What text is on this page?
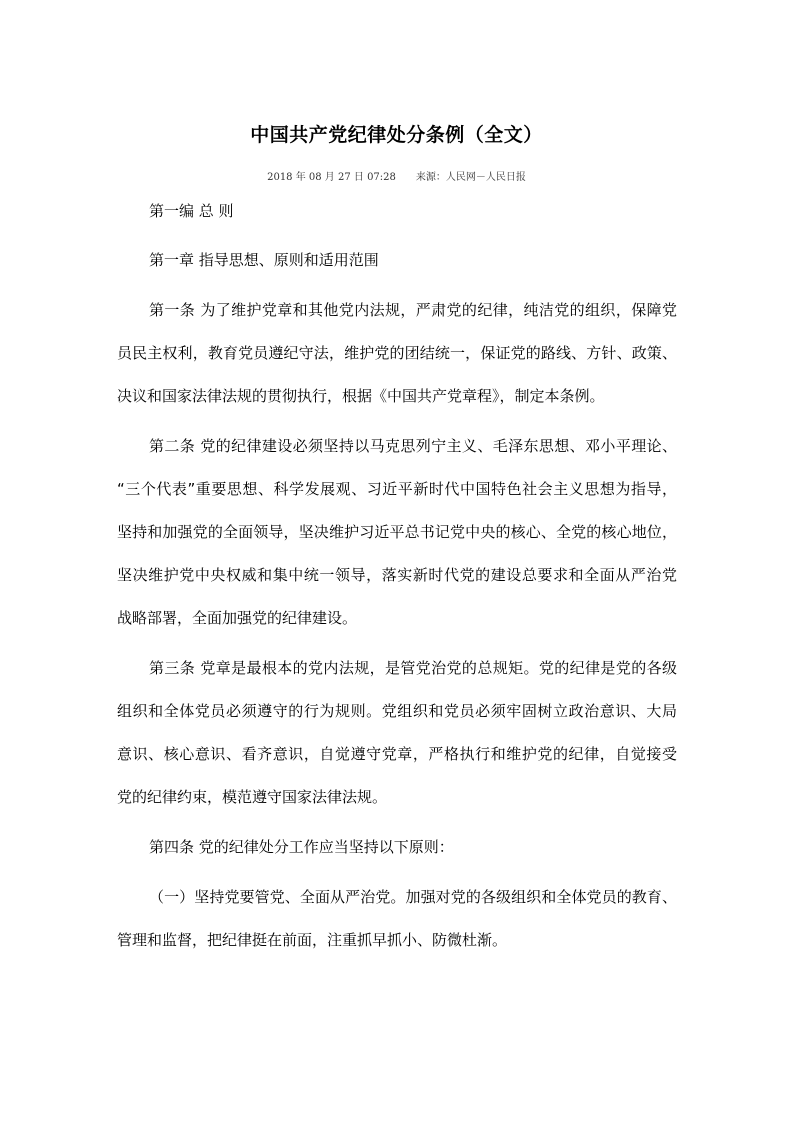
中国共产党纪律处分条例（全文）
2018 年 08 月 27 日 07:28 来源：人民网－人民日报
第一编 总 则
第一章 指导思想、原则和适用范围
第一条 为了维护党章和其他党内法规，严肃党的纪律，纯洁党的组织，保障党
员民主权利，教育党员遵纪守法，维护党的团结统一，保证党的路线、方针、政策、
决议和国家法律法规的贯彻执行，根据《中国共产党章程》，制定本条例。
第二条 党的纪律建设必须坚持以马克思列宁主义、毛泽东思想、邓小平理论、
“三个代表”重要思想、科学发展观、习近平新时代中国特色社会主义思想为指导，
坚持和加强党的全面领导，坚决维护习近平总书记党中央的核心、全党的核心地位，
坚决维护党中央权威和集中统一领导，落实新时代党的建设总要求和全面从严治党
战略部署，全面加强党的纪律建设。
第三条 党章是最根本的党内法规，是管党治党的总规矩。党的纪律是党的各级
组织和全体党员必须遵守的行为规则。党组织和党员必须牢固树立政治意识、大局
意识、核心意识、看齐意识，自觉遵守党章，严格执行和维护党的纪律，自觉接受
党的纪律约束，模范遵守国家法律法规。
第四条 党的纪律处分工作应当坚持以下原则：
（一）坚持党要管党、全面从严治党。加强对党的各级组织和全体党员的教育、
管理和监督，把纪律挺在前面，注重抓早抓小、防微杜渐。
